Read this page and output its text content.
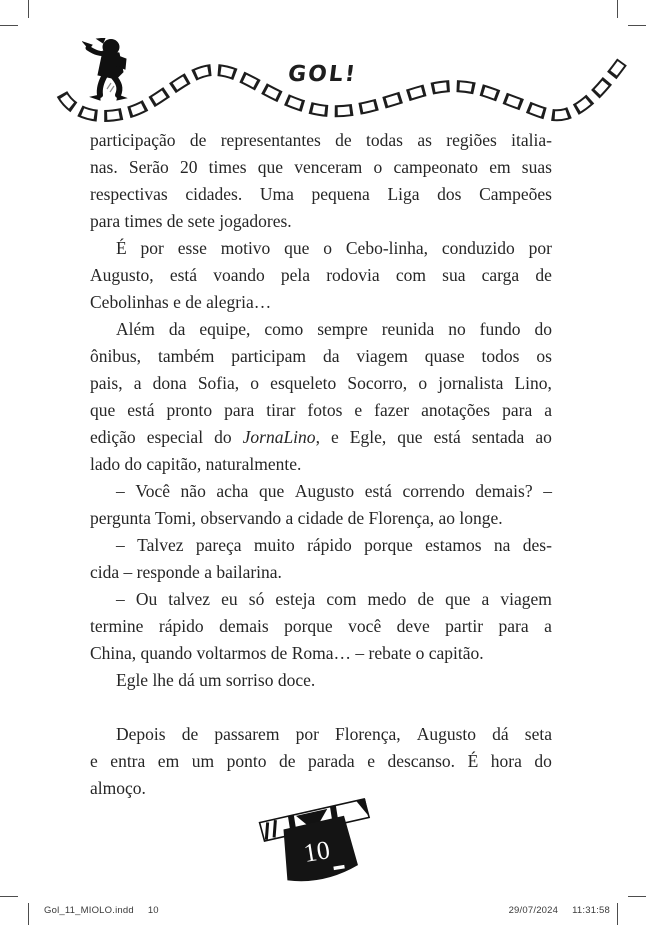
GOL!
participação de representantes de todas as regiões italia-
nas. Serão 20 times que venceram o campeonato em suas
respectivas cidades. Uma pequena Liga dos Campeões
para times de sete jogadores.
É por esse motivo que o Cebo-linha, conduzido por
Augusto, está voando pela rodovia com sua carga de
Cebolinhas e de alegria…
Além da equipe, como sempre reunida no fundo do
ônibus, também participam da viagem quase todos os
pais, a dona Sofia, o esqueleto Socorro, o jornalista Lino,
que está pronto para tirar fotos e fazer anotações para a
edição especial do JornaLino, e Egle, que está sentada ao
lado do capitão, naturalmente.
– Você não acha que Augusto está correndo demais? –
pergunta Tomi, observando a cidade de Florença, ao longe.
– Talvez pareça muito rápido porque estamos na des-
cida – responde a bailarina.
– Ou talvez eu só esteja com medo de que a viagem
termine rápido demais porque você deve partir para a
China, quando voltarmos de Roma… – rebate o capitão.
Egle lhe dá um sorriso doce.
Depois de passarem por Florença, Augusto dá seta
e entra em um ponto de parada e descanso. É hora do
almoço.
10
Gol_11_MIOLO.indd 10	29/07/2024 11:31:58
